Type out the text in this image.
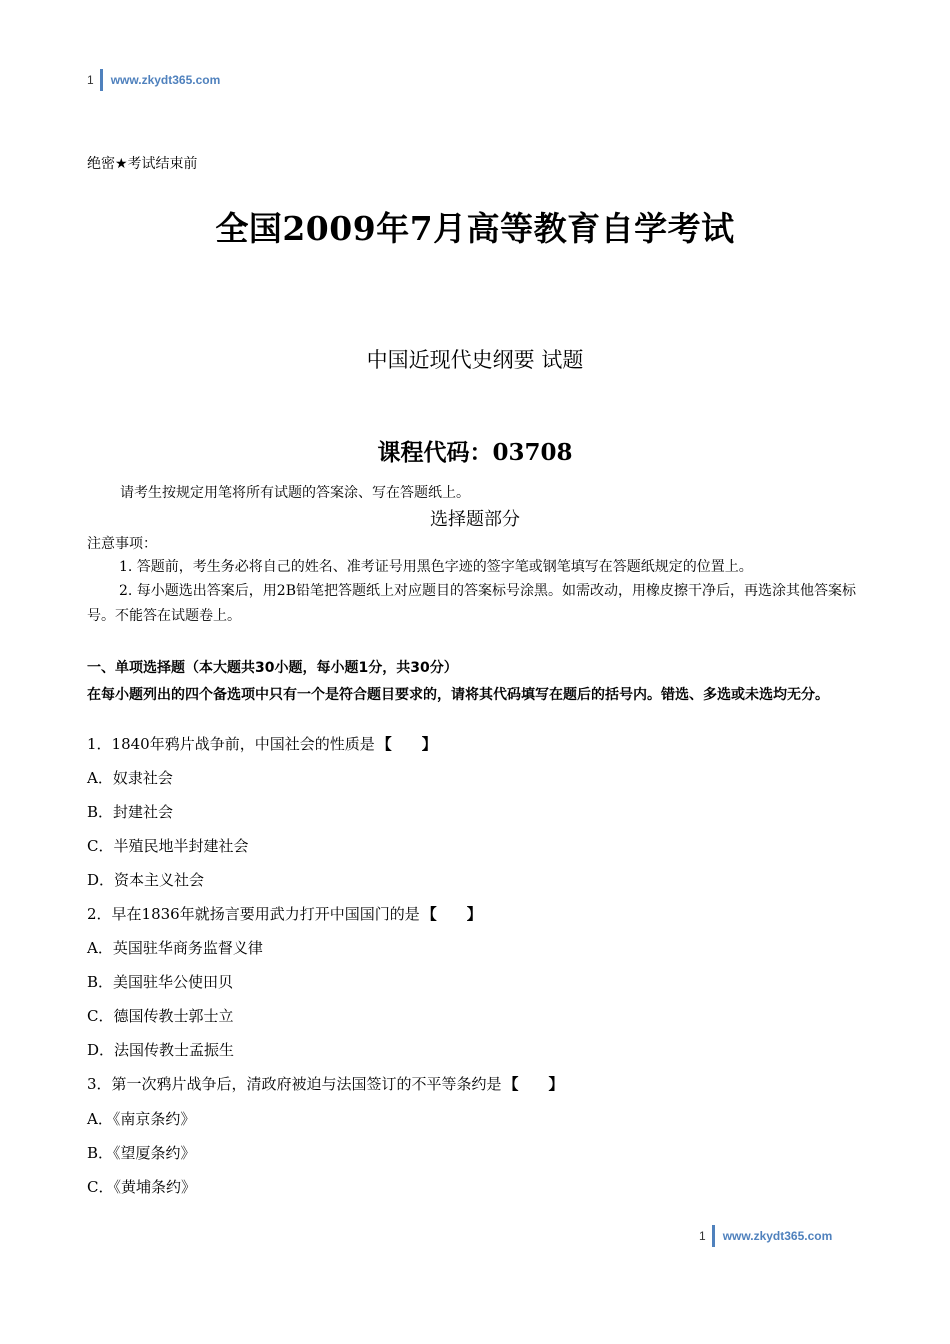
1 www.zkydt365.com
绝密★考试结束前
全国2009年7月高等教育自学考试
中国近现代史纲要 试题
课程代码：03708
请考生按规定用笔将所有试题的答案涂、写在答题纸上。
选择题部分
注意事项：
1. 答题前，考生务必将自己的姓名、准考证号用黑色字迹的签字笔或钢笔填写在答题纸规定的位置上。
2. 每小题选出答案后，用2B铅笔把答题纸上对应题目的答案标号涂黑。如需改动，用橡皮擦干净后，再选涂其他答案标号。不能答在试题卷上。
一、单项选择题（本大题共30小题，每小题1分，共30分）
在每小题列出的四个备选项中只有一个是符合题目要求的，请将其代码填写在题后的括号内。错选、多选或未选均无分。
1．1840年鸦片战争前，中国社会的性质是 【　　】
A．奴隶社会
B．封建社会
C．半殖民地半封建社会
D．资本主义社会
2．早在1836年就扬言要用武力打开中国国门的是 【　　】
A．英国驻华商务监督义律
B．美国驻华公使田贝
C．德国传教士郭士立
D．法国传教士孟振生
3．第一次鸦片战争后，清政府被迫与法国签订的不平等条约是 【　　】
A．《南京条约》
B．《望厦条约》
C．《黄埔条约》
1 www.zkydt365.com
